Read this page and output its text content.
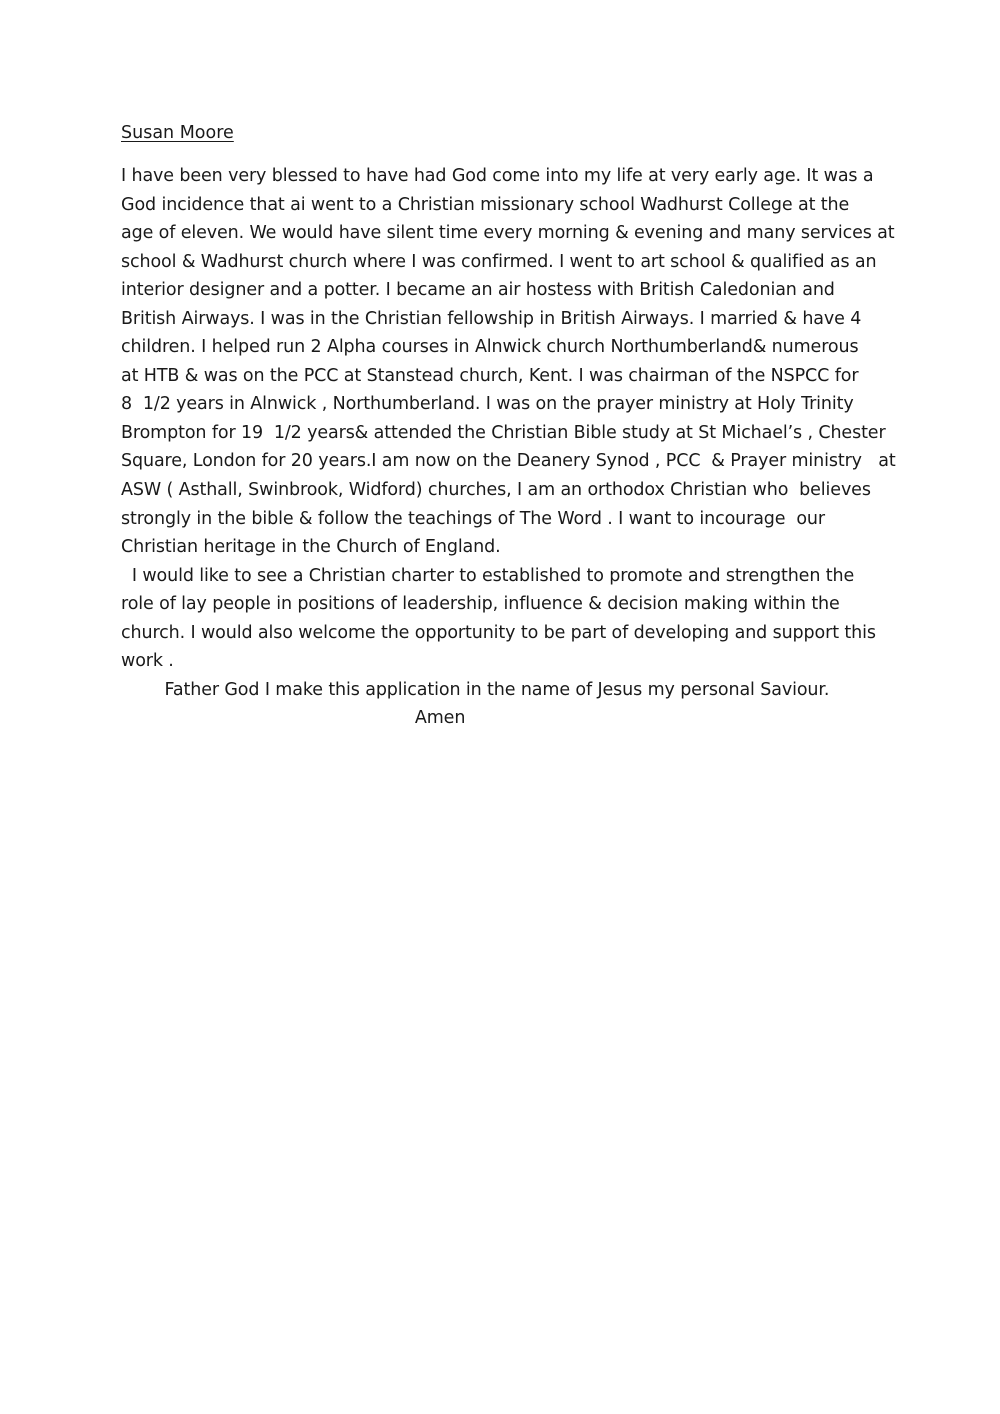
Susan Moore
I have been very blessed to have had God come into my life at very early age. It was a
God incidence that ai went to a Christian missionary school Wadhurst College at the
age of eleven. We would have silent time every morning & evening and many services at
school & Wadhurst church where I was confirmed. I went to art school & qualified as an
interior designer and a potter. I became an air hostess with British Caledonian and
British Airways. I was in the Christian fellowship in British Airways. I married & have 4
children. I helped run 2 Alpha courses in Alnwick church Northumberland& numerous
at HTB & was on the PCC at Stanstead church, Kent. I was chairman of the NSPCC for
8  1/2 years in Alnwick , Northumberland. I was on the prayer ministry at Holy Trinity
Brompton for 19  1/2 years& attended the Christian Bible study at St Michael’s , Chester
Square, London for 20 years.I am now on the Deanery Synod , PCC  & Prayer ministry   at
ASW ( Asthall, Swinbrook, Widford) churches, I am an orthodox Christian who  believes
strongly in the bible & follow the teachings of The Word . I want to incourage  our
Christian heritage in the Church of England.
I would like to see a Christian charter to established to promote and strengthen the
role of lay people in positions of leadership, influence & decision making within the
church. I would also welcome the opportunity to be part of developing and support this
work .
Father God I make this application in the name of Jesus my personal Saviour.
Amen
